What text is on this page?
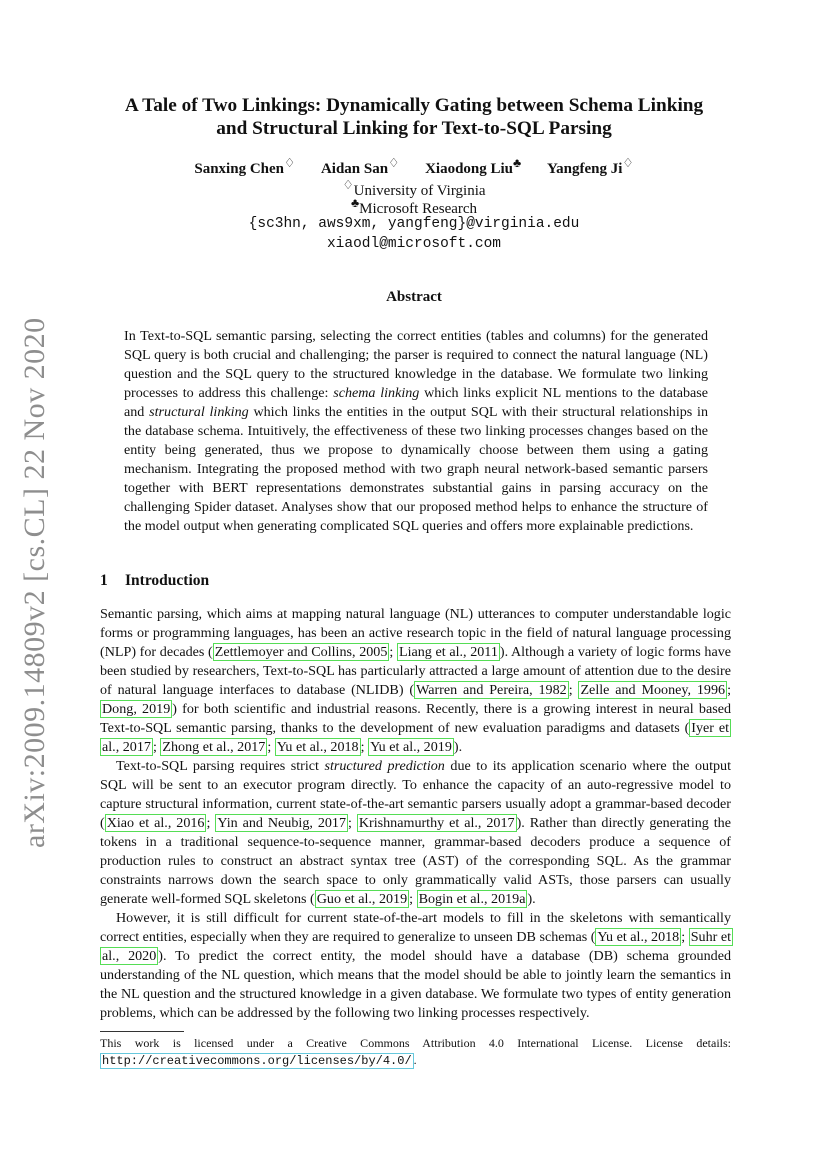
arXiv:2009.14809v2 [cs.CL] 22 Nov 2020
A Tale of Two Linkings: Dynamically Gating between Schema Linking
and Structural Linking for Text-to-SQL Parsing
Sanxing Chen♢ Aidan San♢ Xiaodong Liu♣ Yangfeng Ji♢
♢University of Virginia
♣Microsoft Research
{sc3hn, aws9xm, yangfeng}@virginia.edu
xiaodl@microsoft.com
Abstract
In Text-to-SQL semantic parsing, selecting the correct entities (tables and columns) for the generated SQL query is both crucial and challenging; the parser is required to connect the natural language (NL) question and the SQL query to the structured knowledge in the database. We formulate two linking processes to address this challenge: schema linking which links explicit NL mentions to the database and structural linking which links the entities in the output SQL with their structural relationships in the database schema. Intuitively, the effectiveness of these two linking processes changes based on the entity being generated, thus we propose to dynamically choose between them using a gating mechanism. Integrating the proposed method with two graph neural network-based semantic parsers together with BERT representations demonstrates substantial gains in parsing accuracy on the challenging Spider dataset. Analyses show that our proposed method helps to enhance the structure of the model output when generating complicated SQL queries and offers more explainable predictions.
1 Introduction

Semantic parsing, which aims at mapping natural language (NL) utterances to computer understandable logic forms or programming languages, has been an active research topic in the field of natural language processing (NLP) for decades ( Zettlemoyer and Collins, 2005 ; Liang et al., 2011 ). Although a variety of logic forms have been studied by researchers, Text-to-SQL has particularly attracted a large amount of attention due to the desire of natural language interfaces to database (NLIDB) ( Warren and Pereira, 1982 ; Zelle and Mooney, 1996 ; Dong, 2019 ) for both scientific and industrial reasons. Recently, there is a growing interest in neural based Text-to-SQL semantic parsing, thanks to the development of new evaluation paradigms and datasets ( Iyer et al., 2017 ; Zhong et al., 2017 ; Yu et al., 2018 ; Yu et al., 2019 ).

Text-to-SQL parsing requires strict structured prediction due to its application scenario where the output SQL will be sent to an executor program directly. To enhance the capacity of an auto-regressive model to capture structural information, current state-of-the-art semantic parsers usually adopt a grammar-based decoder ( Xiao et al., 2016 ; Yin and Neubig, 2017 ; Krishnamurthy et al., 2017 ). Rather than directly generating the tokens in a traditional sequence-to-sequence manner, grammar-based decoders produce a sequence of production rules to construct an abstract syntax tree (AST) of the corresponding SQL. As the grammar constraints narrows down the search space to only grammatically valid ASTs, those parsers can usually generate well-formed SQL skeletons ( Guo et al., 2019 ; Bogin et al., 2019a ).

However, it is still difficult for current state-of-the-art models to fill in the skeletons with semantically correct entities, especially when they are required to generalize to unseen DB schemas ( Yu et al., 2018 ; Suhr et al., 2020 ). To predict the correct entity, the model should have a database (DB) schema grounded understanding of the NL question, which means that the model should be able to jointly learn the semantics in the NL question and the structured knowledge in a given database. We formulate two types of entity generation problems, which can be addressed by the following two linking processes respectively.

This work is licensed under a Creative Commons Attribution 4.0 International License. License details: http://creativecommons.org/licenses/by/4.0/ .
